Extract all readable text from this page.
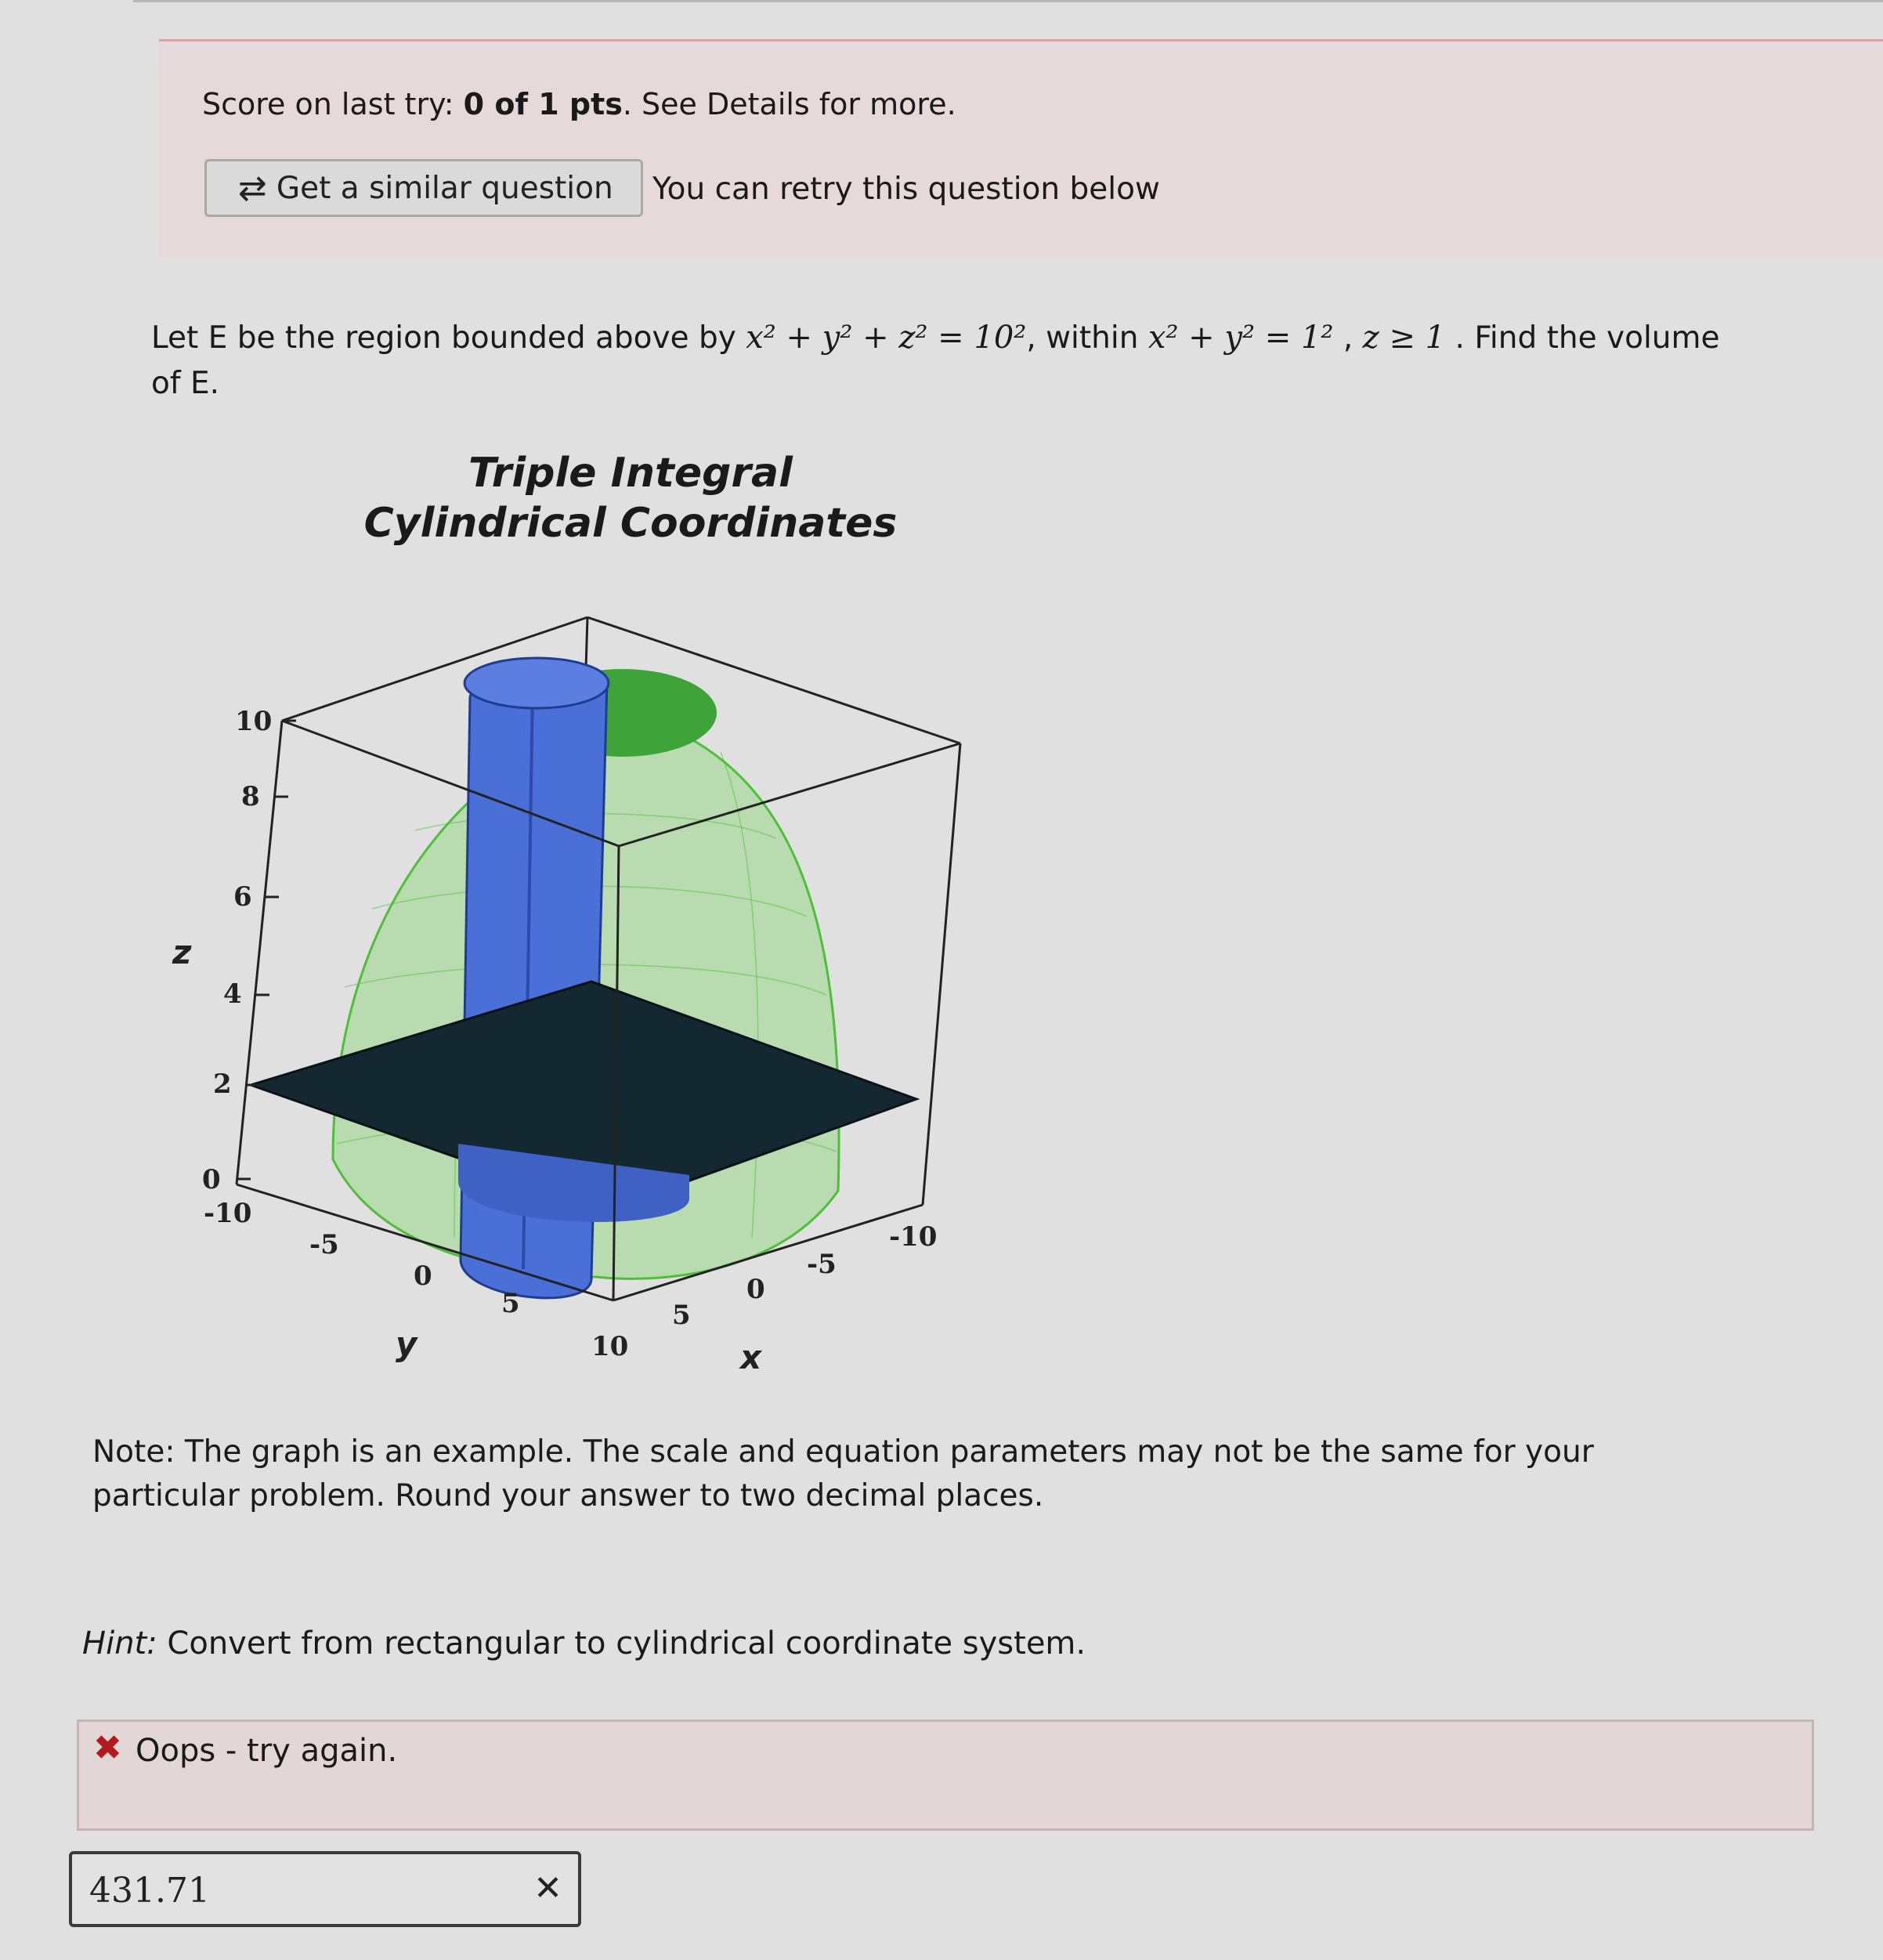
Score on last try: 0 of 1 pts. See Details for more.
⇄ Get a similar question You can retry this question below
Let E be the region bounded above by x² + y² + z² = 10², within x² + y² = 1² , z ≥ 1 . Find the volume of E.
Triple Integral
Cylindrical Coordinates
10
8
6
4
2
0
-10
-5
0
5
10
-10
-5
0
5
z
y	x
Note: The graph is an example. The scale and equation parameters may not be the same for your particular problem. Round your answer to two decimal places.
Hint: Convert from rectangular to cylindrical coordinate system.
✖ Oops - try again.
431.71
✕
